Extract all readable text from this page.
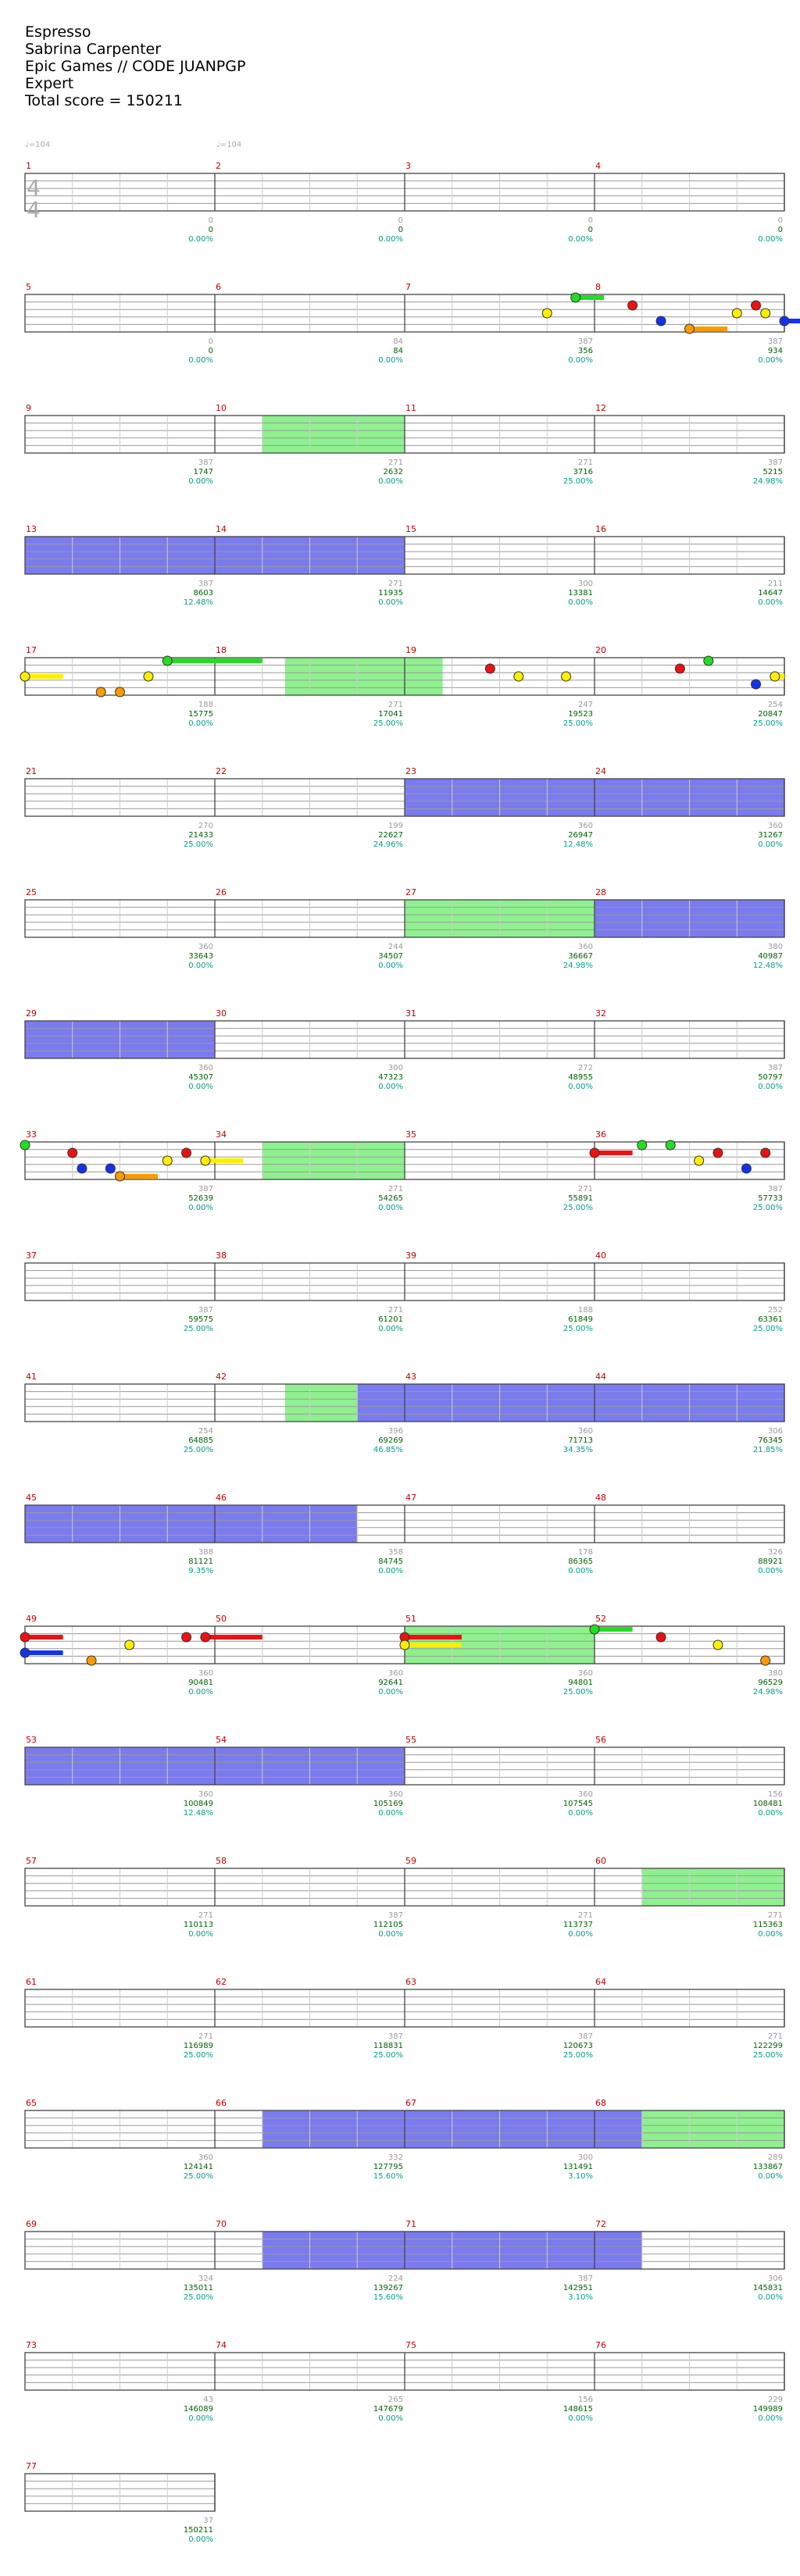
Espresso
Sabrina Carpenter
Epic Games // CODE JUANPGP
Expert
Total score = 150211
1
0
0
0.00%
2
0
0
0.00%
3
0
0
0.00%
4
0
0
0.00%
5
0
0
0.00%
6
84
84
0.00%
7
387
356
0.00%
8
387
934
0.00%
9
387
1747
0.00%
10
271
2632
0.00%
11
271
3716
25.00%
12
387
5215
24.98%
13
387
8603
12.48%
14
271
11935
0.00%
15
300
13381
0.00%
16
211
14647
0.00%
17
188
15775
0.00%
18
271
17041
25.00%
19
247
19523
25.00%
20
254
20847
25.00%
21
270
21433
25.00%
22
199
22627
24.96%
23
360
26947
12.48%
24
360
31267
0.00%
25
360
33643
0.00%
26
244
34507
0.00%
27
360
36667
24.98%
28
380
40987
12.48%
29
360
45307
0.00%
30
300
47323
0.00%
31
272
48955
0.00%
32
387
50797
0.00%
33
387
52639
0.00%
34
271
54265
0.00%
35
271
55891
25.00%
36
387
57733
25.00%
37
387
59575
25.00%
38
271
61201
0.00%
39
188
61849
25.00%
40
252
63361
25.00%
41
254
64885
25.00%
42
396
69269
46.85%
43
360
71713
34.35%
44
306
76345
21.85%
45
388
81121
9.35%
46
358
84745
0.00%
47
178
86365
0.00%
48
326
88921
0.00%
49
360
90481
0.00%
50
360
92641
0.00%
51
360
94801
25.00%
52
380
96529
24.98%
53
360
100849
12.48%
54
360
105169
0.00%
55
360
107545
0.00%
56
156
108481
0.00%
57
271
110113
0.00%
58
387
112105
0.00%
59
271
113737
0.00%
60
271
115363
0.00%
61
271
116989
25.00%
62
387
118831
25.00%
63
387
120673
25.00%
64
271
122299
25.00%
65
360
124141
25.00%
66
332
127795
15.60%
67
300
131491
3.10%
68
289
133867
0.00%
69
324
135011
25.00%
70
224
139267
15.60%
71
387
142951
3.10%
72
306
145831
0.00%
73
43
146089
0.00%
74
265
147679
0.00%
75
156
148615
0.00%
76
229
149989
0.00%
77
37
150211
0.00%
4
4
♩=104	♩=104
